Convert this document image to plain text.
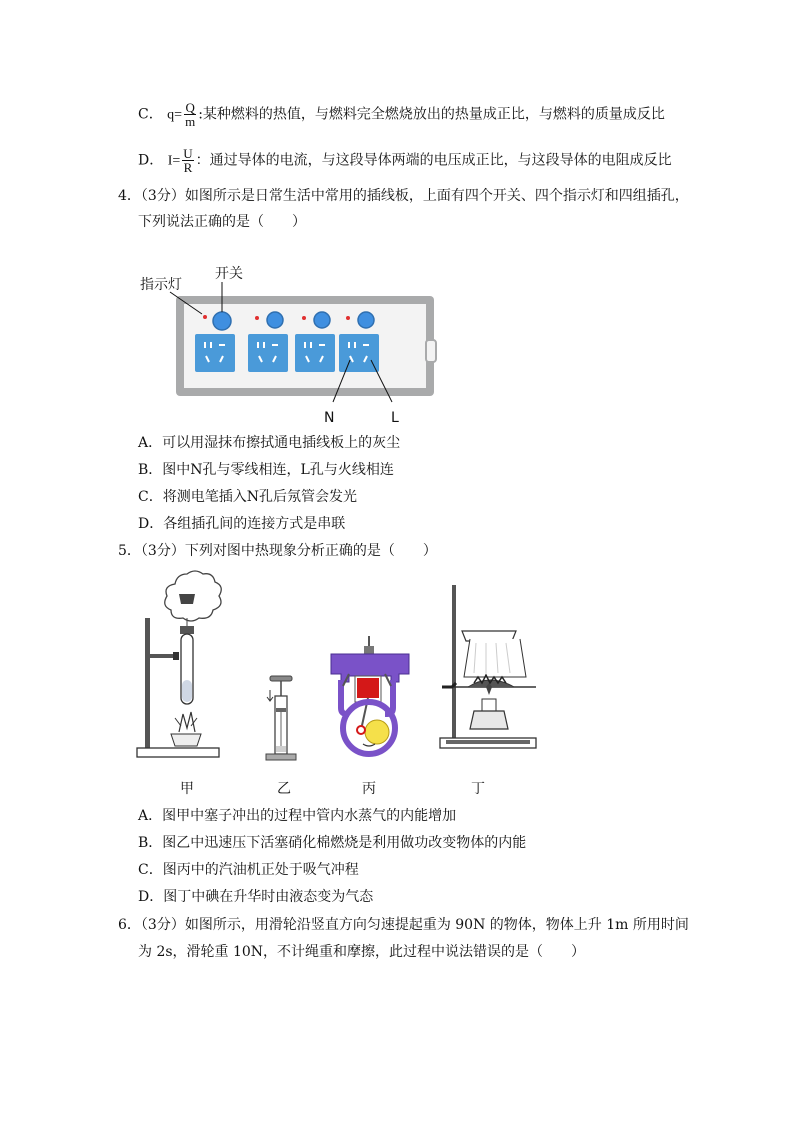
C． $q= \frac{Q}{m}$ :某种燃料的热值，与燃料完全燃烧放出的热量成正比，与燃料的质量成反比
D． $I= \frac{U}{R}$ ：通过导体的电流，与这段导体两端的电压成正比，与这段导体的电阻成反比
4．（3分）如图所示是日常生活中常用的插线板，上面有四个开关、四个指示灯和四组插孔，
下列说法正确的是（　　）
指示灯
开关
N	L
A．可以用湿抹布擦拭通电插线板上的灰尘
B．图中N孔与零线相连，L孔与火线相连
C．将测电笔插入N孔后氖管会发光
D．各组插孔间的连接方式是串联
5．（3分）下列对图中热现象分析正确的是（　　）
甲	乙	丙	丁
A．图甲中塞子冲出的过程中管内水蒸气的内能增加
B．图乙中迅速压下活塞硝化棉燃烧是利用做功改变物体的内能
C．图丙中的汽油机正处于吸气冲程
D．图丁中碘在升华时由液态变为气态
6．（3分）如图所示，用滑轮沿竖直方向匀速提起重为 90N 的物体，物体上升 1m 所用时间
为 2s，滑轮重 10N，不计绳重和摩擦，此过程中说法错误的是（　　）
